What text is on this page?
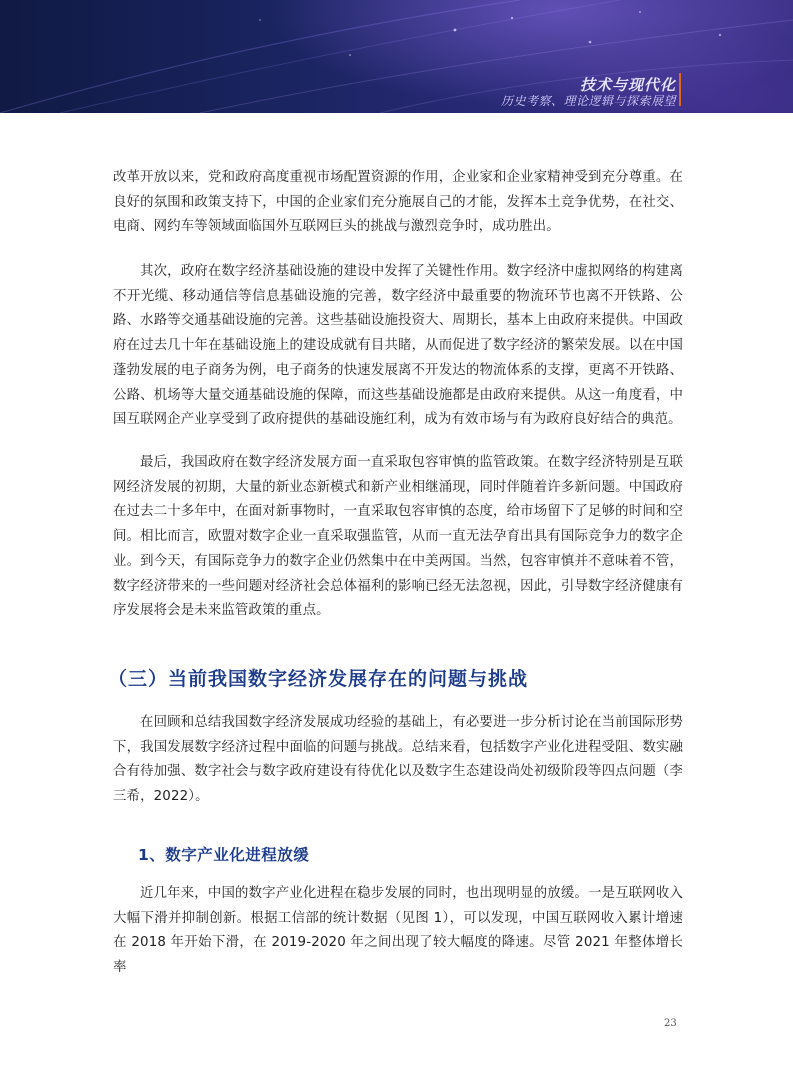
技术与现代化
历史考察、理论逻辑与探索展望

改革开放以来，党和政府高度重视市场配置资源的作用，企业家和企业家精神受到充分尊重。在良好的氛围和政策支持下，中国的企业家们充分施展自己的才能，发挥本土竞争优势，在社交、电商、网约车等领域面临国外互联网巨头的挑战与激烈竞争时，成功胜出。

其次，政府在数字经济基础设施的建设中发挥了关键性作用。数字经济中虚拟网络的构建离不开光缆、移动通信等信息基础设施的完善，数字经济中最重要的物流环节也离不开铁路、公路、水路等交通基础设施的完善。这些基础设施投资大、周期长，基本上由政府来提供。中国政府在过去几十年在基础设施上的建设成就有目共睹，从而促进了数字经济的繁荣发展。以在中国蓬勃发展的电子商务为例，电子商务的快速发展离不开发达的物流体系的支撑，更离不开铁路、公路、机场等大量交通基础设施的保障，而这些基础设施都是由政府来提供。从这一角度看，中国互联网企产业享受到了政府提供的基础设施红利，成为有效市场与有为政府良好结合的典范。

最后，我国政府在数字经济发展方面一直采取包容审慎的监管政策。在数字经济特别是互联网经济发展的初期，大量的新业态新模式和新产业相继涌现，同时伴随着许多新问题。中国政府在过去二十多年中，在面对新事物时，一直采取包容审慎的态度，给市场留下了足够的时间和空间。相比而言，欧盟对数字企业一直采取强监管，从而一直无法孕育出具有国际竞争力的数字企业。到今天，有国际竞争力的数字企业仍然集中在中美两国。当然，包容审慎并不意味着不管，数字经济带来的一些问题对经济社会总体福利的影响已经无法忽视，因此，引导数字经济健康有序发展将会是未来监管政策的重点。

（三）当前我国数字经济发展存在的问题与挑战

在回顾和总结我国数字经济发展成功经验的基础上，有必要进一步分析讨论在当前国际形势下，我国发展数字经济过程中面临的问题与挑战。总结来看，包括数字产业化进程受阻、数实融合有待加强、数字社会与数字政府建设有待优化以及数字生态建设尚处初级阶段等四点问题（李三希，2022）。

1、数字产业化进程放缓

近几年来，中国的数字产业化进程在稳步发展的同时，也出现明显的放缓。一是互联网收入大幅下滑并抑制创新。根据工信部的统计数据（见图 1），可以发现，中国互联网收入累计增速在 2018 年开始下滑，在 2019-2020 年之间出现了较大幅度的降速。尽管 2021 年整体增长率

23
